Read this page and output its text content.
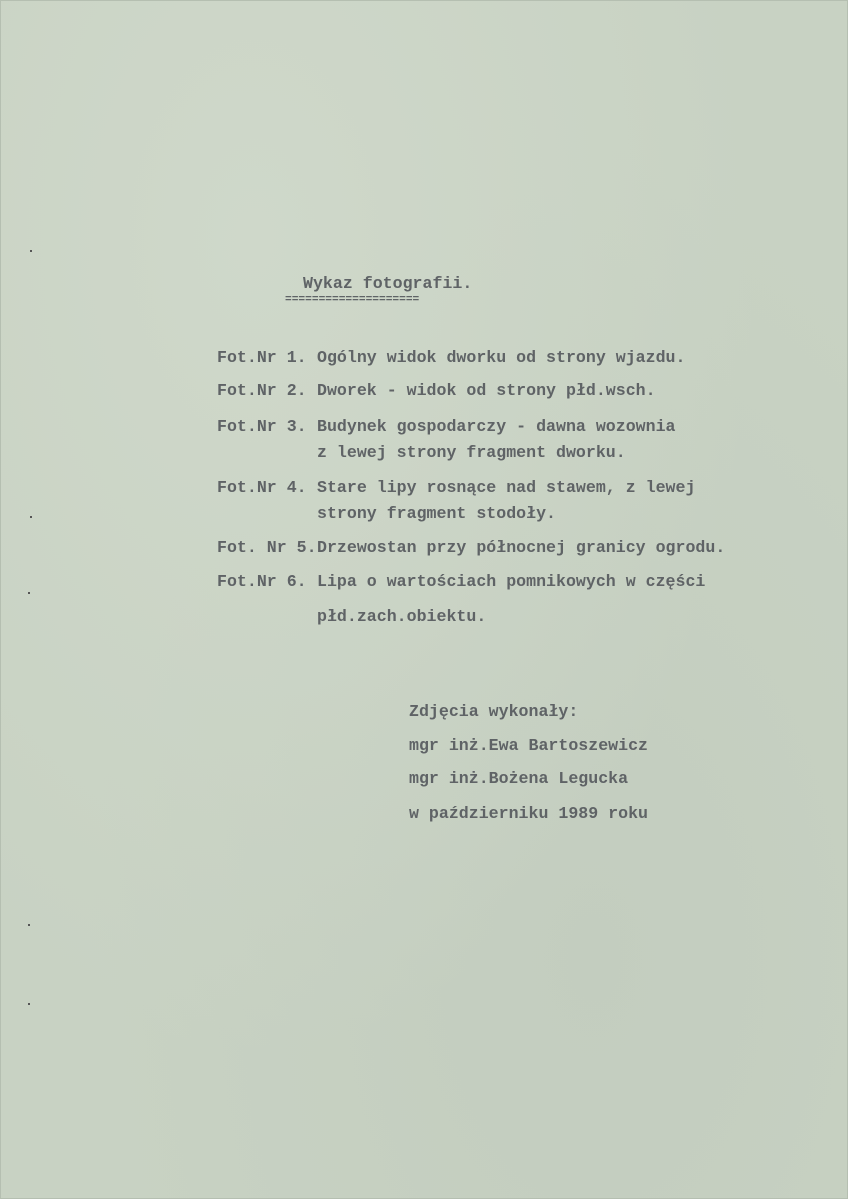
Wykaz fotografii.
====================
Fot.Nr 1. Ogólny widok dworku od strony wjazdu.
Fot.Nr 2. Dworek - widok od strony płd.wsch.
Fot.Nr 3. Budynek gospodarczy - dawna wozownia
z lewej strony fragment dworku.
Fot.Nr 4. Stare lipy rosnące nad stawem, z lewej
strony fragment stodoły.
Fot. Nr 5. Drzewostan przy północnej granicy ogrodu.
Fot.Nr 6. Lipa o wartościach pomnikowych w części
płd.zach.obiektu.
Zdjęcia wykonały:
mgr inż.Ewa Bartoszewicz
mgr inż.Bożena Legucka
w październiku 1989 roku
